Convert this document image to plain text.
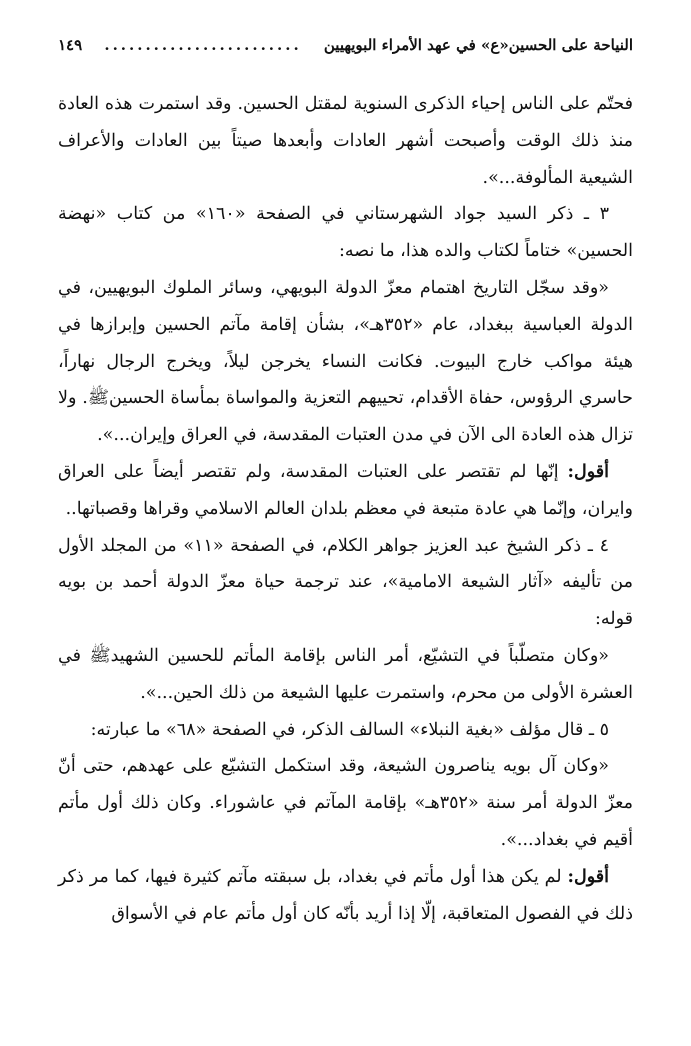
النياحة على الحسين«ع» في عهد الأمراء البويهيين
........................
١٤٩

فحتّم على الناس إحياء الذكرى السنوية لمقتل الحسين. وقد استمرت هذه العادة منذ ذلك الوقت وأصبحت أشهر العادات وأبعدها صيتاً بين العادات والأعراف الشيعية المألوفة...».

٣ ـ ذكر السيد جواد الشهرستاني في الصفحة «١٦٠» من كتاب «نهضة الحسين» ختاماً لكتاب والده هذا، ما نصه:

«وقد سجّل التاريخ اهتمام معزّ الدولة البويهي، وسائر الملوك البويهيين، في الدولة العباسية ببغداد، عام «٣٥٢هـ»، بشأن إقامة مآتم الحسين وإبرازها في هيئة مواكب خارج البيوت. فكانت النساء يخرجن ليلاً، ويخرج الرجال نهاراً، حاسري الرؤوس، حفاة الأقدام، تحييهم التعزية والمواساة بمأساة الحسينﷺ. ولا تزال هذه العادة الى الآن في مدن العتبات المقدسة، في العراق وإيران...».

أقول: إنّها لم تقتصر على العتبات المقدسة، ولم تقتصر أيضاً على العراق وايران، وإنّما هي عادة متبعة في معظم بلدان العالم الاسلامي وقراها وقصباتها..

٤ ـ ذكر الشيخ عبد العزيز جواهر الكلام، في الصفحة «١١» من المجلد الأول من تأليفه «آثار الشيعة الامامية»، عند ترجمة حياة معزّ الدولة أحمد بن بويه قوله:

«وكان متصلّباً في التشيّع، أمر الناس بإقامة المأتم للحسين الشهيدﷺ في العشرة الأولى من محرم، واستمرت عليها الشيعة من ذلك الحين...».

٥ ـ قال مؤلف «بغية النبلاء» السالف الذكر، في الصفحة «٦٨» ما عبارته:

«وكان آل بويه يناصرون الشيعة، وقد استكمل التشيّع على عهدهم، حتى أنّ معزّ الدولة أمر سنة «٣٥٢هـ» بإقامة المآتم في عاشوراء. وكان ذلك أول مأتم أقيم في بغداد...».

أقول: لم يكن هذا أول مأتم في بغداد، بل سبقته مآتم كثيرة فيها، كما مر ذكر ذلك في الفصول المتعاقبة، إلّا إذا أريد بأنّه كان أول مأتم عام في الأسواق
